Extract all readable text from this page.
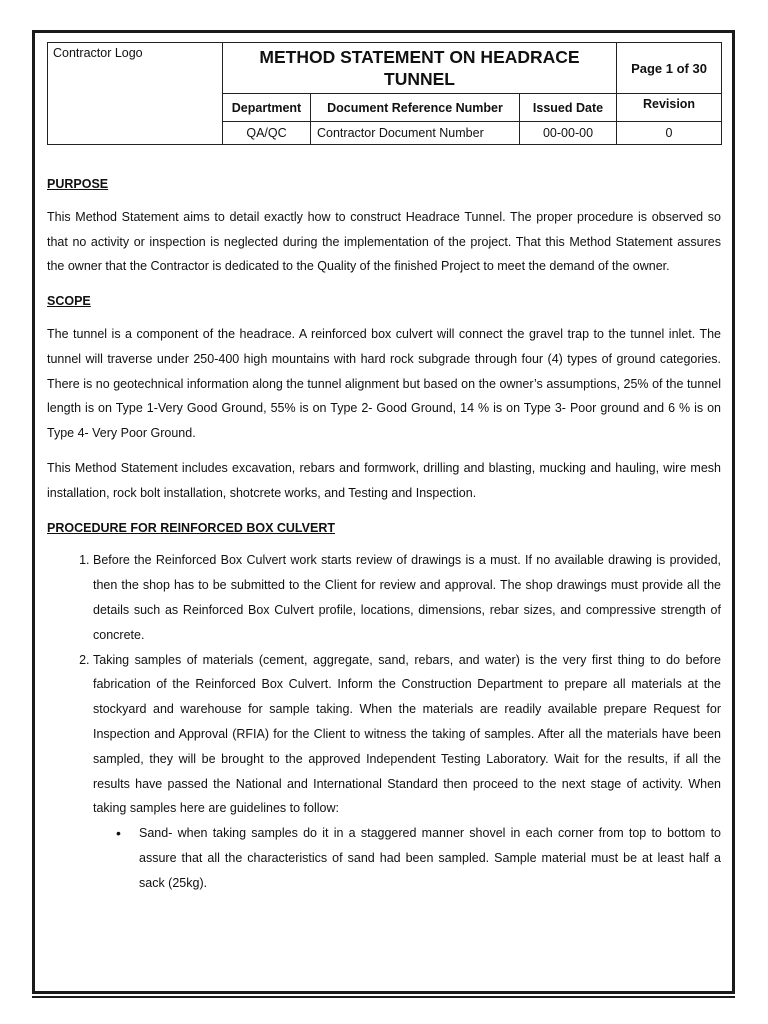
Contractor Logo	METHOD STATEMENT ON HEADRACE TUNNEL			Page 1 of 30
	Department	Document Reference Number	Issued Date	Revision
	QA/QC	Contractor Document Number	00-00-00	0

PURPOSE

This Method Statement aims to detail exactly how to construct Headrace Tunnel. The proper procedure is observed so that no activity or inspection is neglected during the implementation of the project. That this Method Statement assures the owner that the Contractor is dedicated to the Quality of the finished Project to meet the demand of the owner.

SCOPE

The tunnel is a component of the headrace. A reinforced box culvert will connect the gravel trap to the tunnel inlet. The tunnel will traverse under 250-400 high mountains with hard rock subgrade through four (4) types of ground categories. There is no geotechnical information along the tunnel alignment but based on the owner’s assumptions, 25% of the tunnel length is on Type 1-Very Good Ground, 55% is on Type 2- Good Ground, 14 % is on Type 3- Poor ground and 6 % is on Type 4- Very Poor Ground.

This Method Statement includes excavation, rebars and formwork, drilling and blasting, mucking and hauling, wire mesh installation, rock bolt installation, shotcrete works, and Testing and Inspection.

PROCEDURE FOR REINFORCED BOX CULVERT

1. Before the Reinforced Box Culvert work starts review of drawings is a must. If no available drawing is provided, then the shop has to be submitted to the Client for review and approval. The shop drawings must provide all the details such as Reinforced Box Culvert profile, locations, dimensions, rebar sizes, and compressive strength of concrete.
2. Taking samples of materials (cement, aggregate, sand, rebars, and water) is the very first thing to do before fabrication of the Reinforced Box Culvert. Inform the Construction Department to prepare all materials at the stockyard and warehouse for sample taking. When the materials are readily available prepare Request for Inspection and Approval (RFIA) for the Client to witness the taking of samples. After all the materials have been sampled, they will be brought to the approved Independent Testing Laboratory. Wait for the results, if all the results have passed the National and International Standard then proceed to the next stage of activity. When taking samples here are guidelines to follow:
• Sand- when taking samples do it in a staggered manner shovel in each corner from top to bottom to assure that all the characteristics of sand had been sampled. Sample material must be at least half a sack (25kg).
